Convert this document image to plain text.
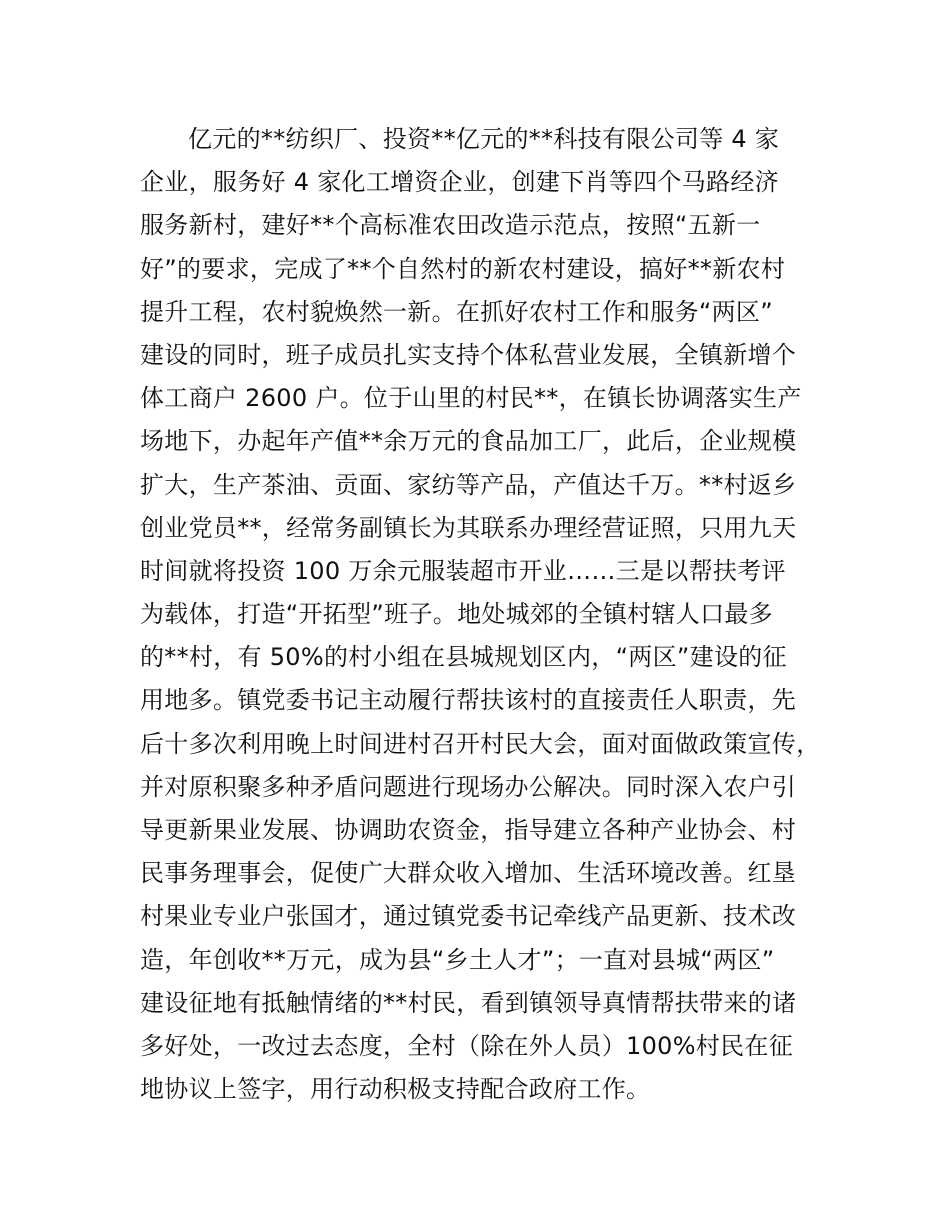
亿元的**纺织厂、投资**亿元的**科技有限公司等 4 家
企业，服务好 4 家化工增资企业，创建下肖等四个马路经济
服务新村，建好**个高标准农田改造示范点，按照“五新一
好”的要求，完成了**个自然村的新农村建设，搞好**新农村
提升工程，农村貌焕然一新。在抓好农村工作和服务“两区”
建设的同时，班子成员扎实支持个体私营业发展，全镇新增个
体工商户 2600 户。位于山里的村民**，在镇长协调落实生产
场地下，办起年产值**余万元的食品加工厂，此后，企业规模
扩大，生产茶油、贡面、家纺等产品，产值达千万。**村返乡
创业党员**，经常务副镇长为其联系办理经营证照，只用九天
时间就将投资 100 万余元服装超市开业……三是以帮扶考评
为载体，打造“开拓型”班子。地处城郊的全镇村辖人口最多
的**村，有 50%的村小组在县城规划区内，“两区”建设的征
用地多。镇党委书记主动履行帮扶该村的直接责任人职责，先
后十多次利用晚上时间进村召开村民大会，面对面做政策宣传，
并对原积聚多种矛盾问题进行现场办公解决。同时深入农户引
导更新果业发展、协调助农资金，指导建立各种产业协会、村
民事务理事会，促使广大群众收入增加、生活环境改善。红垦
村果业专业户张国才，通过镇党委书记牵线产品更新、技术改
造，年创收**万元，成为县“乡土人才”；一直对县城“两区”
建设征地有抵触情绪的**村民，看到镇领导真情帮扶带来的诸
多好处，一改过去态度，全村（除在外人员）100%村民在征
地协议上签字，用行动积极支持配合政府工作。
